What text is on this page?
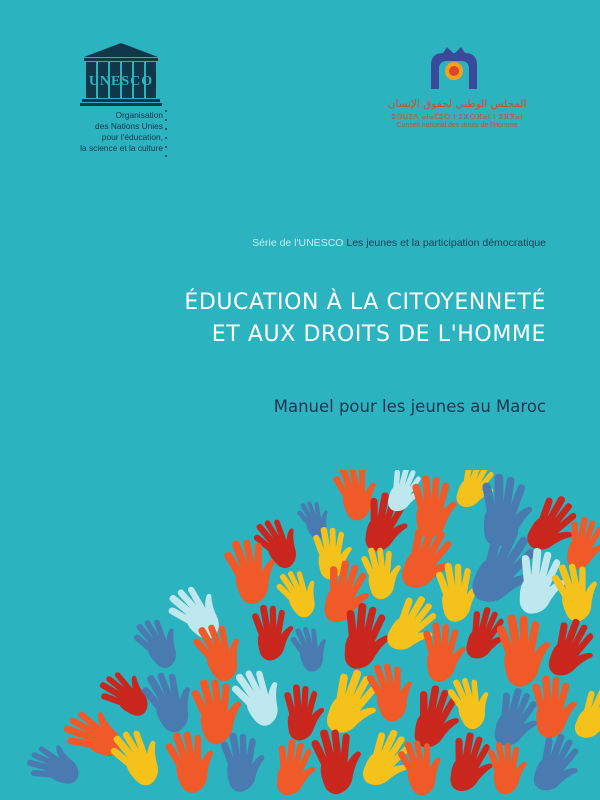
UNESCO
Organisation
des Nations Unies
pour l'éducation,
la science et la culture
المجلس الوطني لحقوق الإنسان
ⵓⵙⵡⵉⴷ ⴰⵏⴰⵎⵓⵔ ⵏ ⵉⵣⵔⴼⴰⵏ ⵏ ⵓⴼⴳⴰⵏ
Conseil national des droits de l'Homme
Série de l'UNESCO Les jeunes et la participation démocratique
ÉDUCATION À LA CITOYENNETÉ
ET AUX DROITS DE L'HOMME
Manuel pour les jeunes au Maroc
